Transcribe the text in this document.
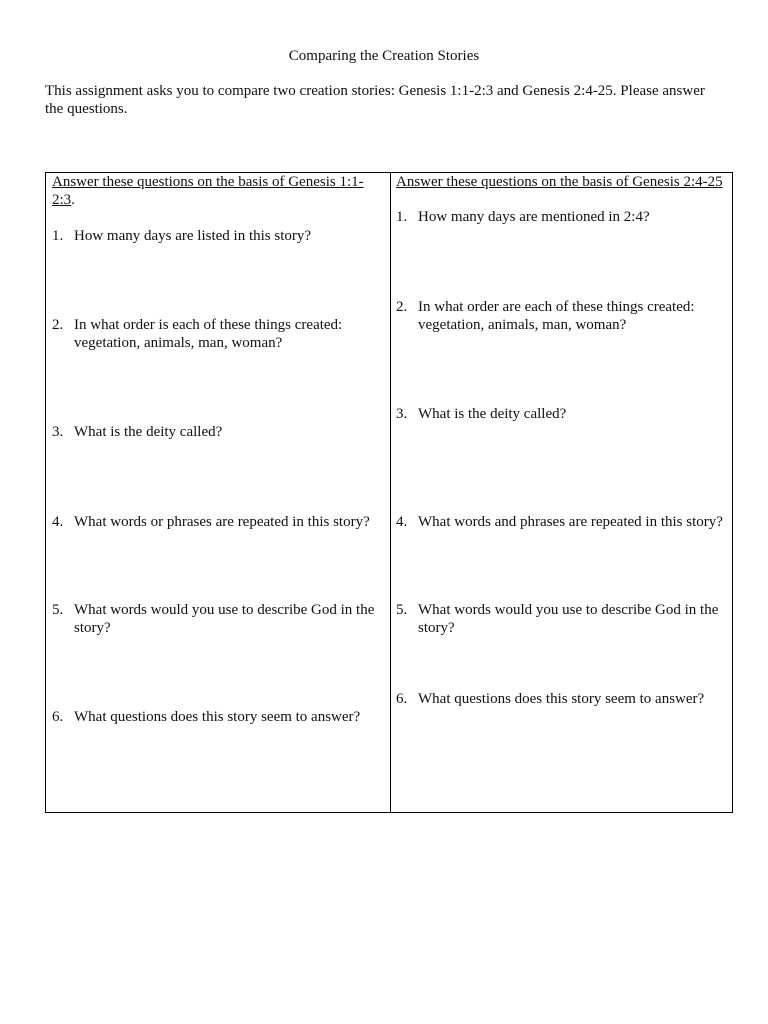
Comparing the Creation Stories
This assignment asks you to compare two creation stories: Genesis 1:1-2:3 and Genesis 2:4-25. Please answer the questions.
Answer these questions on the basis of Genesis 1:1-2:3.
1. How many days are listed in this story?
2. In what order is each of these things created: vegetation, animals, man, woman?
3. What is the deity called?
4. What words or phrases are repeated in this story?
5. What words would you use to describe God in the story?
6. What questions does this story seem to answer?
Answer these questions on the basis of Genesis 2:4-25
1. How many days are mentioned in 2:4?
2. In what order are each of these things created: vegetation, animals, man, woman?
3. What is the deity called?
4. What words and phrases are repeated in this story?
5. What words would you use to describe God in the story?
6. What questions does this story seem to answer?
